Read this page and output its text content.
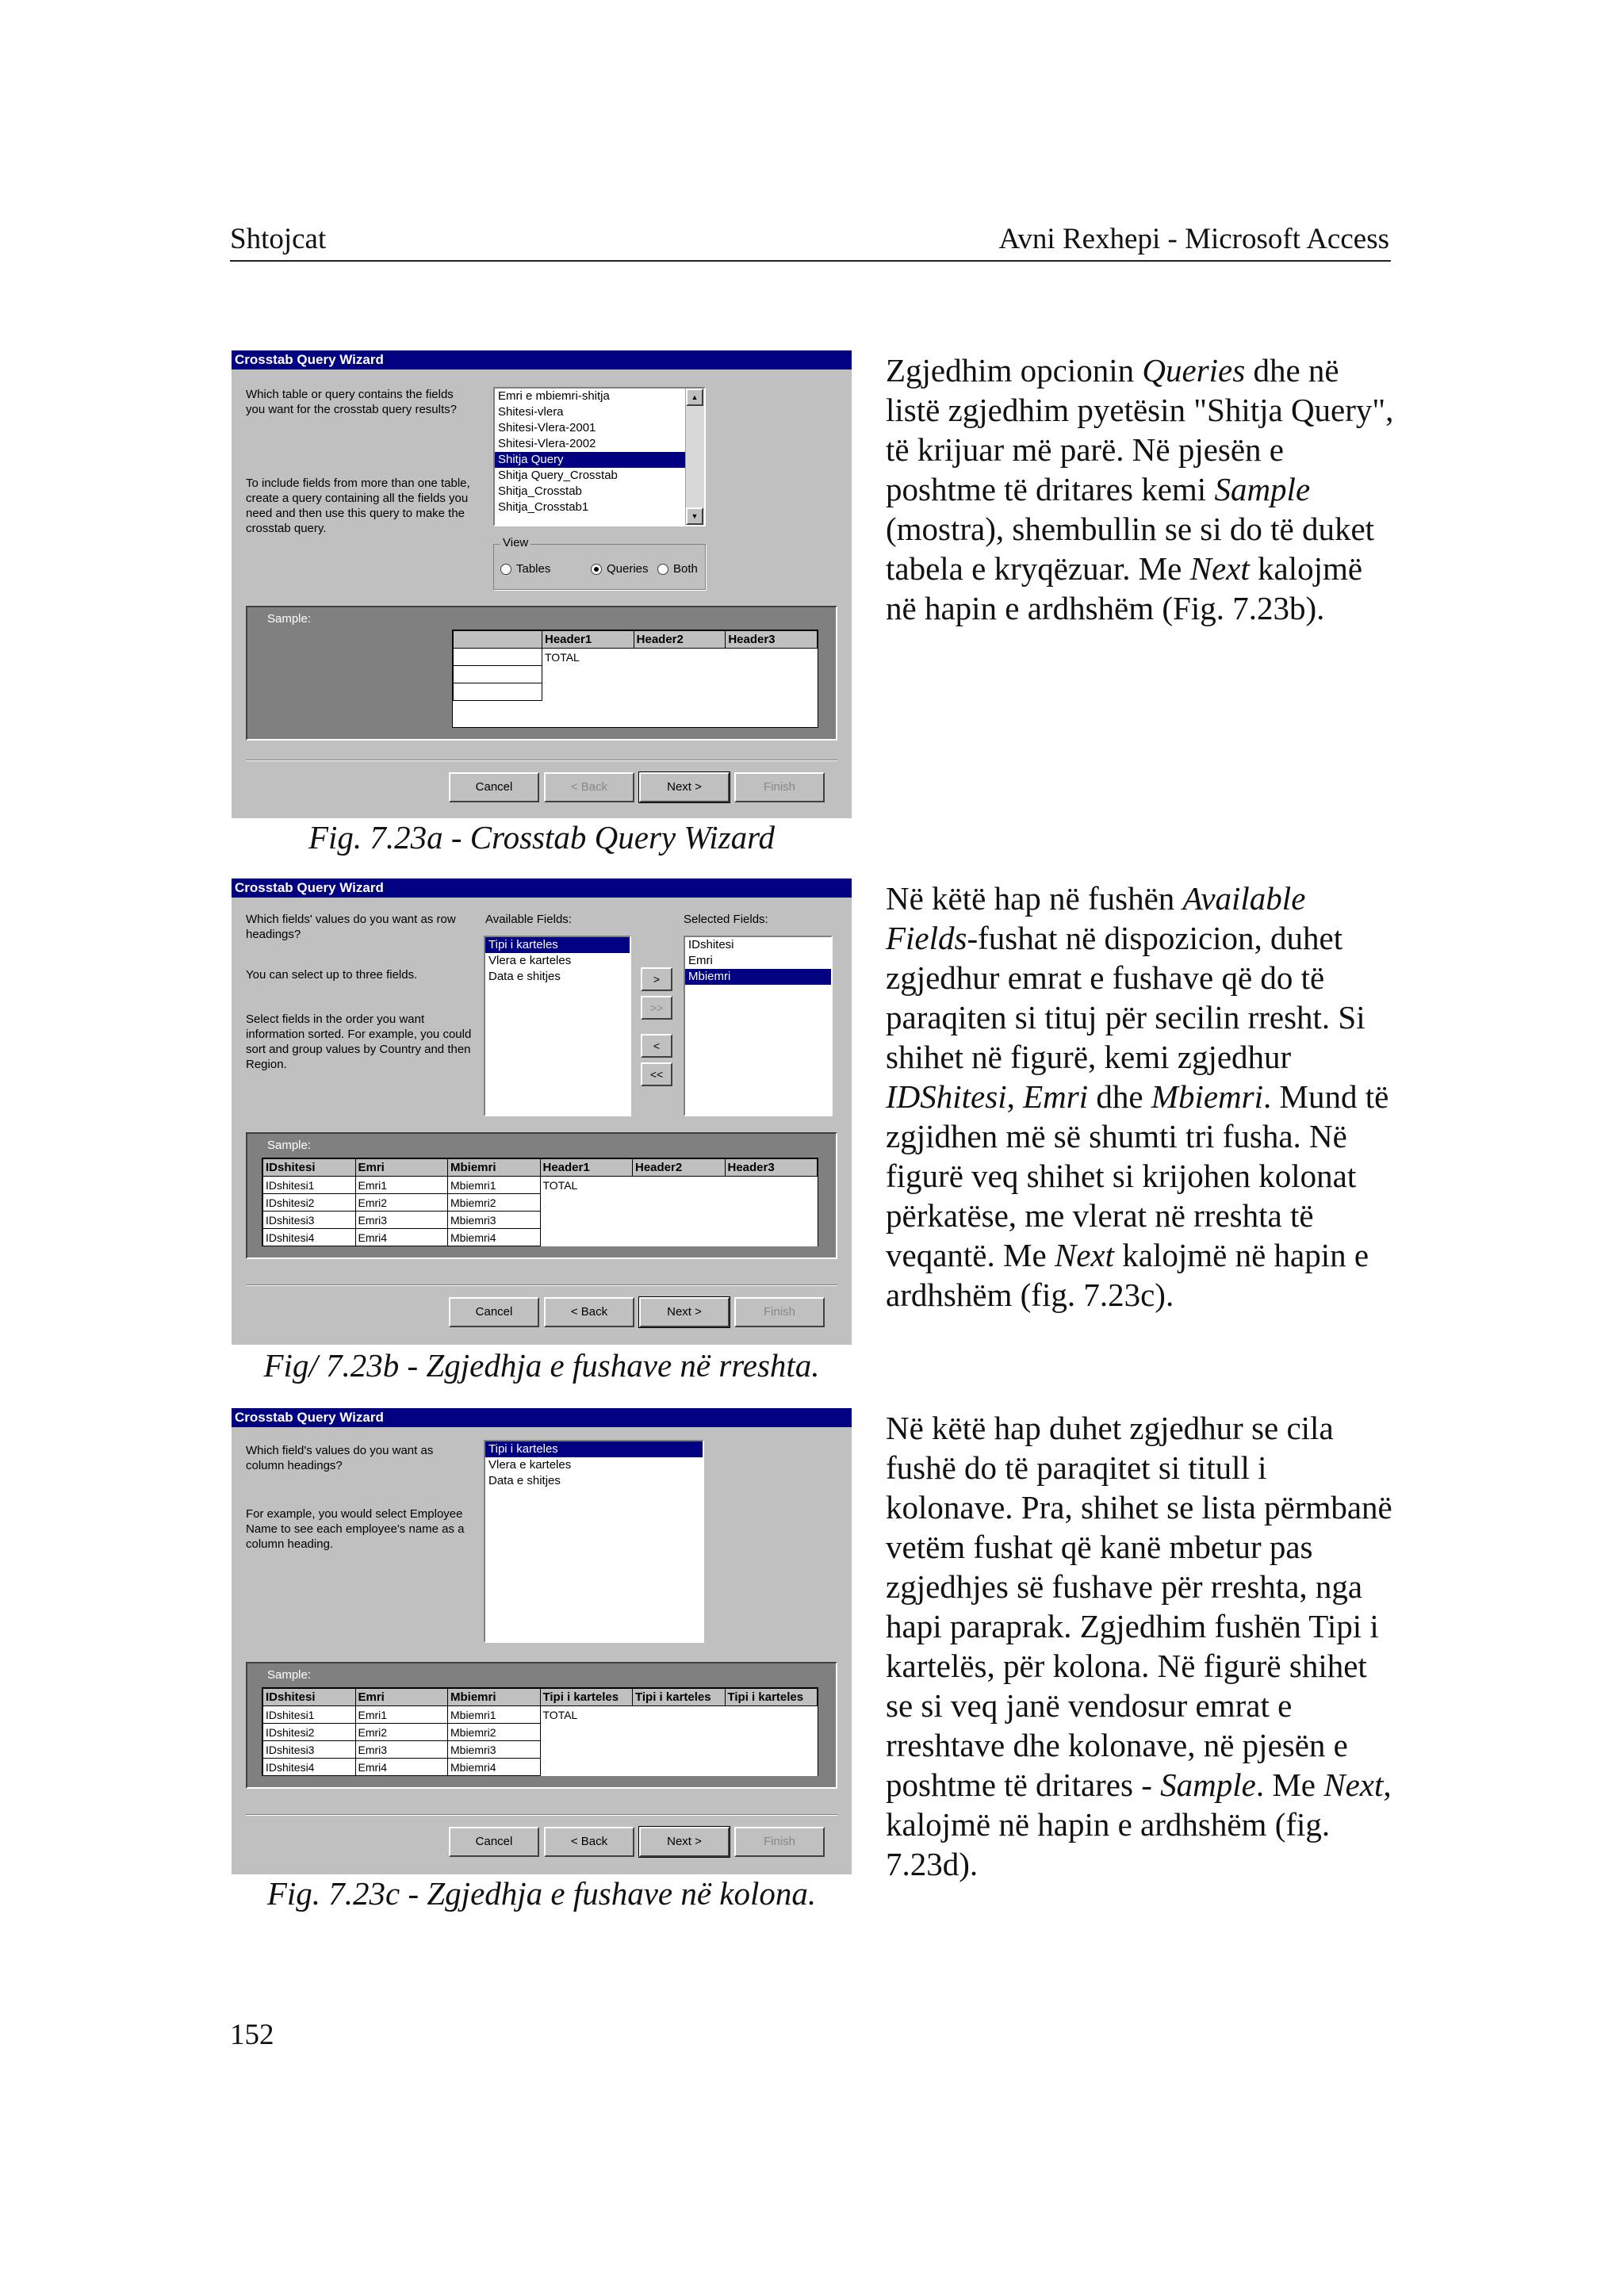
Shtojcat	Avni Rexhepi - Microsoft Access
Crosstab Query Wizard
Which table or query contains the fields you want for the crosstab query results?
To include fields from more than one table, create a query containing all the fields you need and then use this query to make the crosstab query.
Emri e mbiemri-shitja
Shitesi-vlera
Shitesi-Vlera-2001
Shitesi-Vlera-2002
Shitja Query
Shitja Query_Crosstab
Shitja_Crosstab
Shitja_Crosstab1
▲
▼
View
Tables	Queries Both
Sample:
	Header1	Header2	Header3
	TOTAL		

Cancel	< Back	Next >	Finish
Fig. 7.23a - Crosstab Query Wizard
Crosstab Query Wizard
Which fields' values do you want as row headings?
You can select up to three fields.
Select fields in the order you want information sorted. For example, you could sort and group values by Country and then Region.
Available Fields:	Selected Fields:
Tipi i karteles
Vlera e karteles
Data e shitjes	>
>>
<
<<
IDshitesi
Emri
Mbiemri
Sample:
IDshitesi	Emri	Mbiemri	Header1	Header2	Header3
IDshitesi1	Emri1	Mbiemri1	TOTAL		
IDshitesi2	Emri2	Mbiemri2			
IDshitesi3	Emri3	Mbiemri3			
IDshitesi4	Emri4	Mbiemri4			
Cancel	< Back	Next >	Finish
Fig/ 7.23b - Zgjedhja e fushave në rreshta.
Crosstab Query Wizard
Which field's values do you want as column headings?
For example, you would select Employee Name to see each employee's name as a column heading.
Tipi i karteles
Vlera e karteles
Data e shitjes
Sample:
IDshitesi	Emri	Mbiemri	Tipi i karteles	Tipi i karteles	Tipi i karteles
IDshitesi1	Emri1	Mbiemri1	TOTAL		
IDshitesi2	Emri2	Mbiemri2			
IDshitesi3	Emri3	Mbiemri3			
IDshitesi4	Emri4	Mbiemri4			
Cancel	< Back	Next >	Finish
Fig. 7.23c - Zgjedhja e fushave në kolona.
Zgjedhim opcionin Queries dhe në listë zgjedhim pyetësin "Shitja Query", të krijuar më parë. Në pjesën e poshtme të dritares kemi Sample (mostra), shembullin se si do të duket tabela e kryqëzuar. Me Next kalojmë në hapin e ardhshëm (Fig. 7.23b).
Në këtë hap në fushën Available Fields-fushat në dispozicion, duhet zgjedhur emrat e fushave që do të paraqiten si tituj për secilin rresht. Si shihet në figurë, kemi zgjedhur IDShitesi, Emri dhe Mbiemri. Mund të zgjidhen më së shumti tri fusha. Në figurë veq shihet si krijohen kolonat përkatëse, me vlerat në rreshta të veqantë. Me Next kalojmë në hapin e ardhshëm (fig. 7.23c).
Në këtë hap duhet zgjedhur se cila fushë do të paraqitet si titull i kolonave. Pra, shihet se lista përmbanë vetëm fushat që kanë mbetur pas zgjedhjes së fushave për rreshta, nga hapi paraprak. Zgjedhim fushën Tipi i kartelës, për kolona. Në figurë shihet se si veq janë vendosur emrat e rreshtave dhe kolonave, në pjesën e poshtme të dritares - Sample. Me Next, kalojmë në hapin e ardhshëm (fig. 7.23d).
152
